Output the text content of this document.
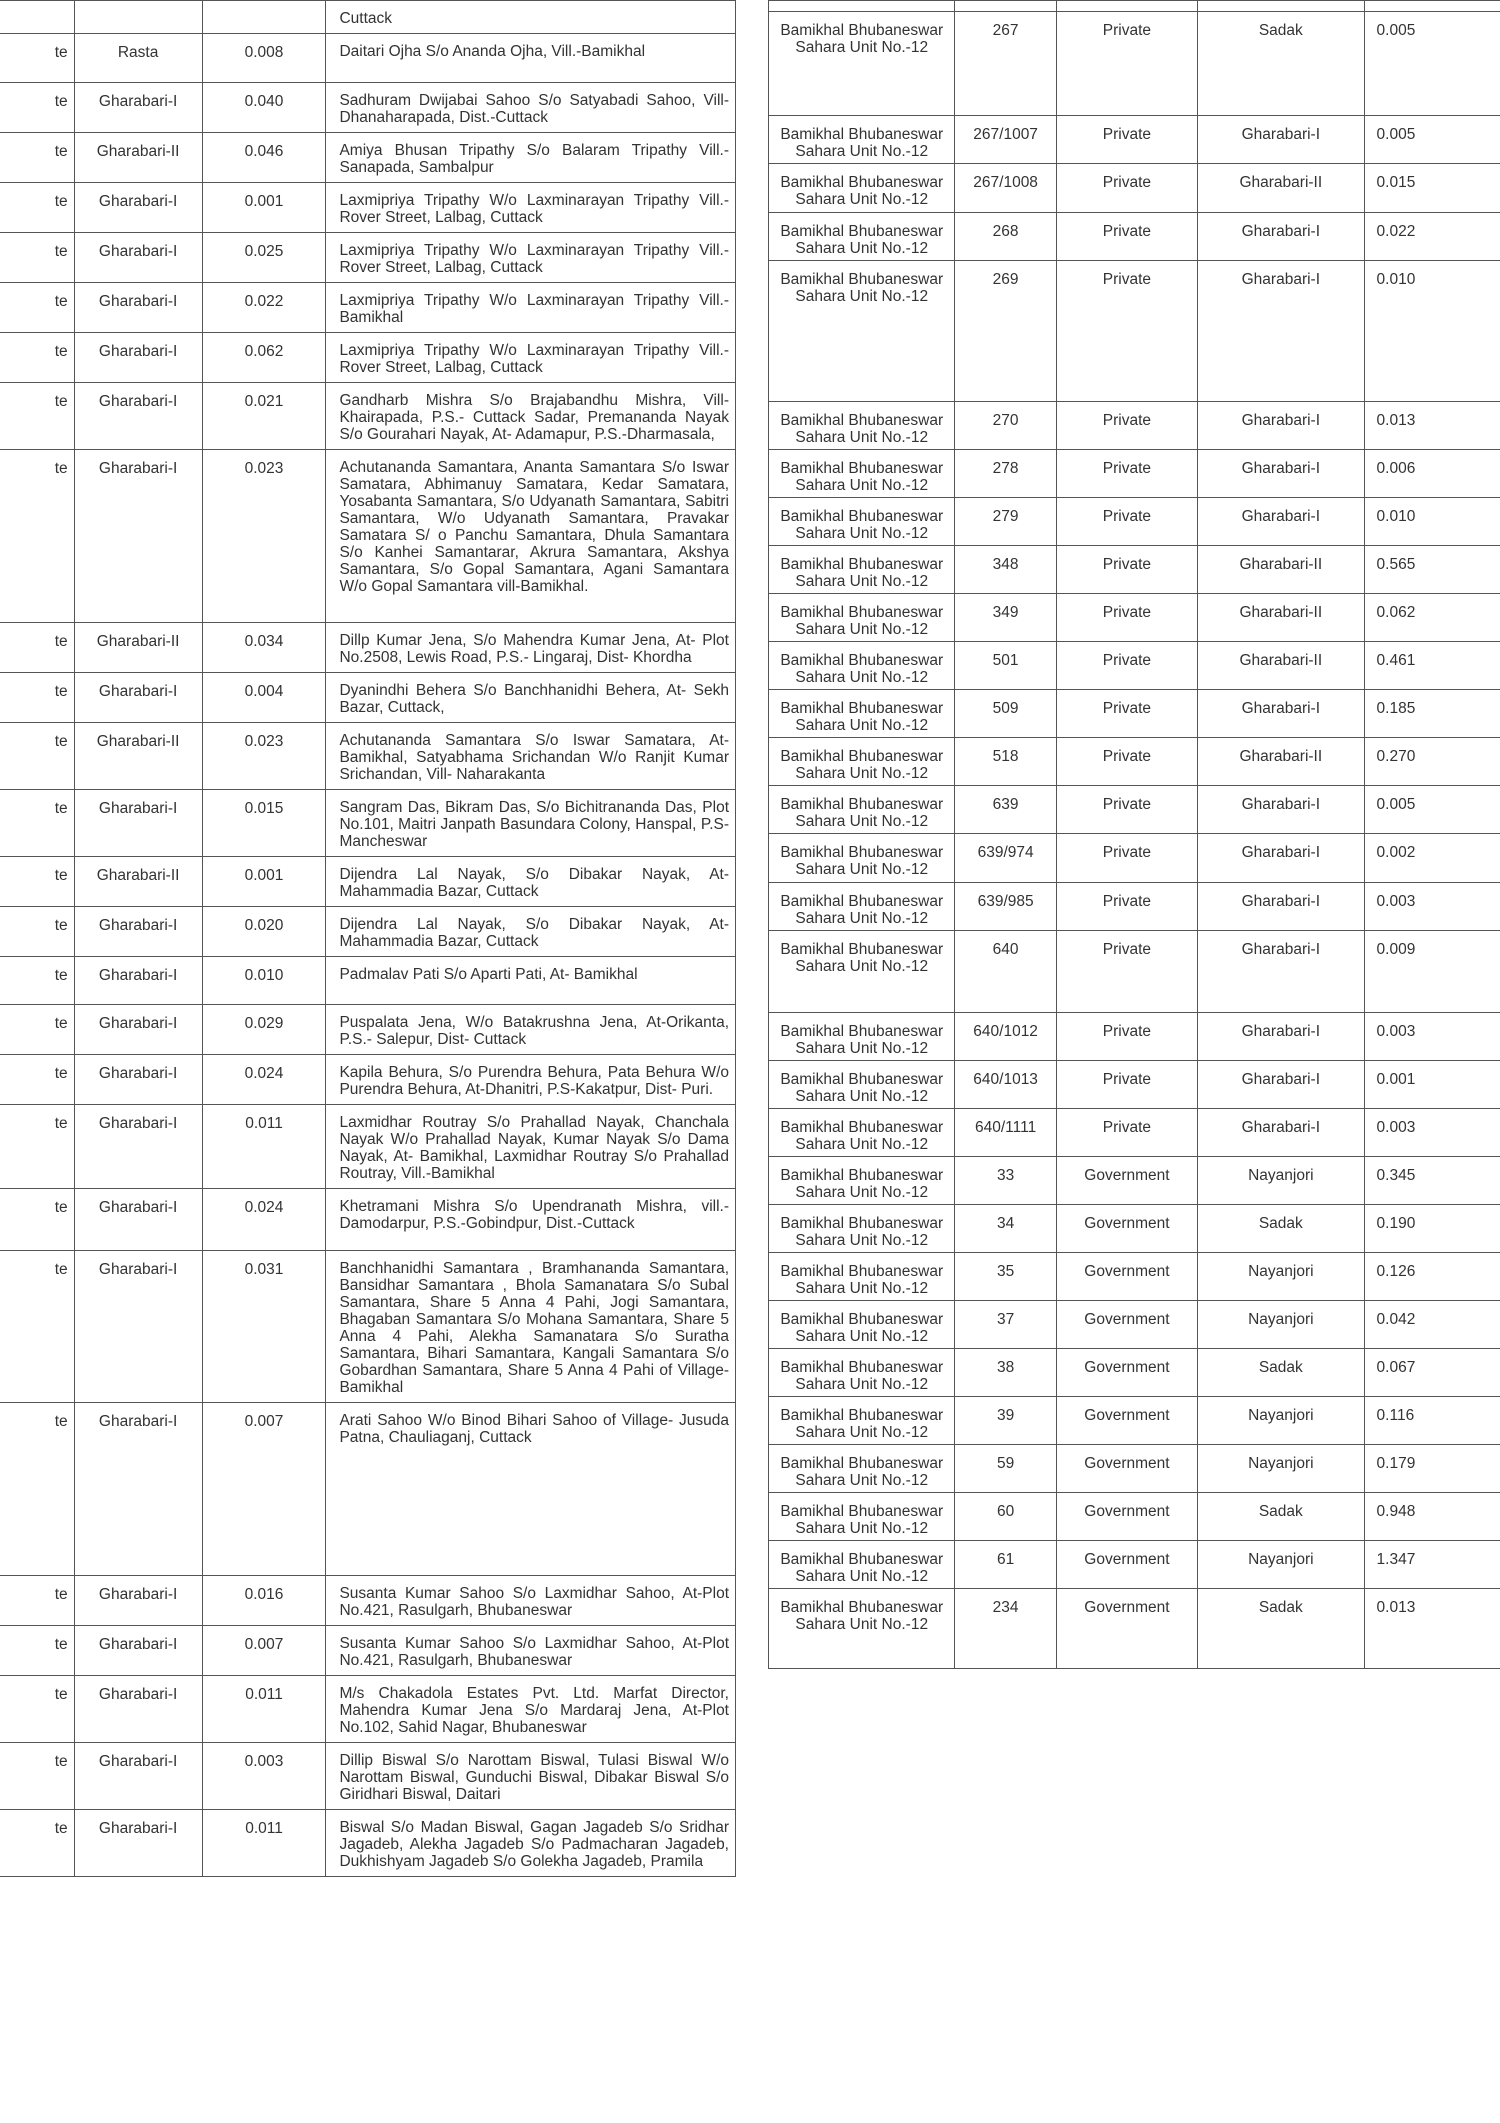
			Cuttack

te	Rasta	0.008	Daitari Ojha S/o Ananda Ojha, Vill.-Bamikhal

te	Gharabari-I	0.040	Sadhuram Dwijabai Sahoo S/o Satyabadi Sahoo, Vill-Dhanaharapada, Dist.-Cuttack

te	Gharabari-II	0.046	Amiya Bhusan Tripathy S/o Balaram Tripathy Vill.-Sanapada, Sambalpur

te	Gharabari-I	0.001	Laxmipriya Tripathy W/o Laxminarayan Tripathy Vill.-Rover Street, Lalbag, Cuttack

te	Gharabari-I	0.025	Laxmipriya Tripathy W/o Laxminarayan Tripathy Vill.-Rover Street, Lalbag, Cuttack

te	Gharabari-I	0.022	Laxmipriya Tripathy W/o Laxminarayan Tripathy Vill.-Bamikhal

te	Gharabari-I	0.062	Laxmipriya Tripathy W/o Laxminarayan Tripathy Vill.-Rover Street, Lalbag, Cuttack

te	Gharabari-I	0.021	Gandharb Mishra S/o Brajabandhu Mishra, Vill-Khairapada, P.S.- Cuttack Sadar, Premananda Nayak S/o Gourahari Nayak, At- Adamapur, P.S.-Dharmasala,

te	Gharabari-I	0.023	Achutananda Samantara, Ananta Samantara S/o Iswar Samatara, Abhimanuy Samatara, Kedar Samatara, Yosabanta Samantara, S/o Udyanath Samantara, Sabitri Samantara, W/o Udyanath Samantara, Pravakar Samatara S/ o Panchu Samantara, Dhula Samantara S/o Kanhei Samantarar, Akrura Samantara, Akshya Samantara, S/o Gopal Samantara, Agani Samantara W/o Gopal Samantara vill-Bamikhal.

te	Gharabari-II	0.034	Dillp Kumar Jena, S/o Mahendra Kumar Jena, At- Plot No.2508, Lewis Road, P.S.- Lingaraj, Dist- Khordha

te	Gharabari-I	0.004	Dyanindhi Behera S/o Banchhanidhi Behera, At- Sekh Bazar, Cuttack,

te	Gharabari-II	0.023	Achutananda Samantara S/o Iswar Samatara, At- Bamikhal, Satyabhama Srichandan W/o Ranjit Kumar Srichandan, Vill- Naharakanta

te	Gharabari-I	0.015	Sangram Das, Bikram Das, S/o Bichitrananda Das, Plot No.101, Maitri Janpath Basundara Colony, Hanspal, P.S-Mancheswar

te	Gharabari-II	0.001	Dijendra Lal Nayak, S/o Dibakar Nayak, At- Mahammadia Bazar, Cuttack

te	Gharabari-I	0.020	Dijendra Lal Nayak, S/o Dibakar Nayak, At-Mahammadia Bazar, Cuttack

te	Gharabari-I	0.010	Padmalav Pati S/o Aparti Pati, At- Bamikhal

te	Gharabari-I	0.029	Puspalata Jena, W/o Batakrushna Jena, At-Orikanta, P.S.- Salepur, Dist- Cuttack

te	Gharabari-I	0.024	Kapila Behura, S/o Purendra Behura, Pata Behura W/o Purendra Behura, At-Dhanitri, P.S-Kakatpur, Dist- Puri.

te	Gharabari-I	0.011	Laxmidhar Routray S/o Prahallad Nayak, Chanchala Nayak W/o Prahallad Nayak, Kumar Nayak S/o Dama Nayak, At- Bamikhal, Laxmidhar Routray S/o Prahallad Routray, Vill.-Bamikhal

te	Gharabari-I	0.024	Khetramani Mishra S/o Upendranath Mishra, vill.-Damodarpur, P.S.-Gobindpur, Dist.-Cuttack

te	Gharabari-I	0.031	Banchhanidhi Samantara , Bramhananda Samantara, Bansidhar Samantara , Bhola Samanatara S/o Subal Samantara, Share 5 Anna 4 Pahi, Jogi Samantara, Bhagaban Samantara S/o Mohana Samantara, Share 5 Anna 4 Pahi, Alekha Samanatara S/o Suratha Samantara, Bihari Samantara, Kangali Samantara S/o Gobardhan Samantara, Share 5 Anna 4 Pahi of Village- Bamikhal

te	Gharabari-I	0.007	Arati Sahoo W/o Binod Bihari Sahoo of Village- Jusuda Patna, Chauliaganj, Cuttack

te	Gharabari-I	0.016	Susanta Kumar Sahoo S/o Laxmidhar Sahoo, At-Plot No.421, Rasulgarh, Bhubaneswar

te	Gharabari-I	0.007	Susanta Kumar Sahoo S/o Laxmidhar Sahoo, At-Plot No.421, Rasulgarh, Bhubaneswar

te	Gharabari-I	0.011	M/s Chakadola Estates Pvt. Ltd. Marfat Director, Mahendra Kumar Jena S/o Mardaraj Jena, At-Plot No.102, Sahid Nagar, Bhubaneswar

te	Gharabari-I	0.003	Dillip Biswal S/o Narottam Biswal, Tulasi Biswal W/o Narottam Biswal, Gunduchi Biswal, Dibakar Biswal S/o Giridhari Biswal, Daitari

te	Gharabari-I	0.011	Biswal S/o Madan Biswal, Gagan Jagadeb S/o Sridhar Jagadeb, Alekha Jagadeb S/o Padmacharan Jagadeb, Dukhishyam Jagadeb S/o Golekha Jagadeb, Pramila

Bamikhal Bhubaneswar Sahara Unit No.-12	267	Private	Sadak	0.005
Bamikhal Bhubaneswar Sahara Unit No.-12	267/1007	Private	Gharabari-I	0.005
Bamikhal Bhubaneswar Sahara Unit No.-12	267/1008	Private	Gharabari-II	0.015
Bamikhal Bhubaneswar Sahara Unit No.-12	268	Private	Gharabari-I	0.022
Bamikhal Bhubaneswar Sahara Unit No.-12	269	Private	Gharabari-I	0.010
Bamikhal Bhubaneswar Sahara Unit No.-12	270	Private	Gharabari-I	0.013
Bamikhal Bhubaneswar Sahara Unit No.-12	278	Private	Gharabari-I	0.006
Bamikhal Bhubaneswar Sahara Unit No.-12	279	Private	Gharabari-I	0.010
Bamikhal Bhubaneswar Sahara Unit No.-12	348	Private	Gharabari-II	0.565
Bamikhal Bhubaneswar Sahara Unit No.-12	349	Private	Gharabari-II	0.062
Bamikhal Bhubaneswar Sahara Unit No.-12	501	Private	Gharabari-II	0.461
Bamikhal Bhubaneswar Sahara Unit No.-12	509	Private	Gharabari-I	0.185
Bamikhal Bhubaneswar Sahara Unit No.-12	518	Private	Gharabari-II	0.270
Bamikhal Bhubaneswar Sahara Unit No.-12	639	Private	Gharabari-I	0.005
Bamikhal Bhubaneswar Sahara Unit No.-12	639/974	Private	Gharabari-I	0.002
Bamikhal Bhubaneswar Sahara Unit No.-12	639/985	Private	Gharabari-I	0.003
Bamikhal Bhubaneswar Sahara Unit No.-12	640	Private	Gharabari-I	0.009
Bamikhal Bhubaneswar Sahara Unit No.-12	640/1012	Private	Gharabari-I	0.003
Bamikhal Bhubaneswar Sahara Unit No.-12	640/1013	Private	Gharabari-I	0.001
Bamikhal Bhubaneswar Sahara Unit No.-12	640/1111	Private	Gharabari-I	0.003
Bamikhal Bhubaneswar Sahara Unit No.-12	33	Government	Nayanjori	0.345
Bamikhal Bhubaneswar Sahara Unit No.-12	34	Government	Sadak	0.190
Bamikhal Bhubaneswar Sahara Unit No.-12	35	Government	Nayanjori	0.126
Bamikhal Bhubaneswar Sahara Unit No.-12	37	Government	Nayanjori	0.042
Bamikhal Bhubaneswar Sahara Unit No.-12	38	Government	Sadak	0.067
Bamikhal Bhubaneswar Sahara Unit No.-12	39	Government	Nayanjori	0.116
Bamikhal Bhubaneswar Sahara Unit No.-12	59	Government	Nayanjori	0.179
Bamikhal Bhubaneswar Sahara Unit No.-12	60	Government	Sadak	0.948
Bamikhal Bhubaneswar Sahara Unit No.-12	61	Government	Nayanjori	1.347
Bamikhal Bhubaneswar Sahara Unit No.-12	234	Government	Sadak	0.013
